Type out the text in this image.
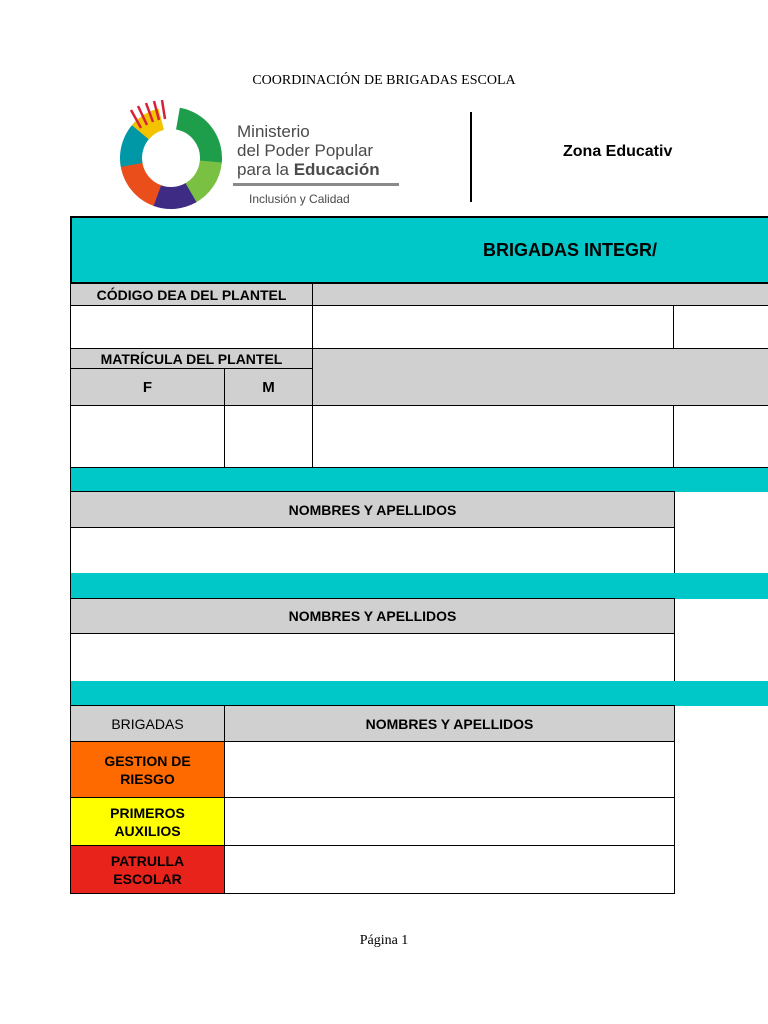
COORDINACIÓN DE BRIGADAS ESCOLA
Ministerio
del Poder Popular
para la Educación
Inclusión y Calidad
Zona Educativ
BRIGADAS INTEGR/
CÓDIGO DEA DEL PLANTEL
MATRÍCULA DEL PLANTEL
F	M
NOMBRES Y APELLIDOS
NOMBRES Y APELLIDOS
BRIGADAS	NOMBRES Y APELLIDOS
GESTION DE RIESGO
PRIMEROS AUXILIOS
PATRULLA ESCOLAR
Página 1
